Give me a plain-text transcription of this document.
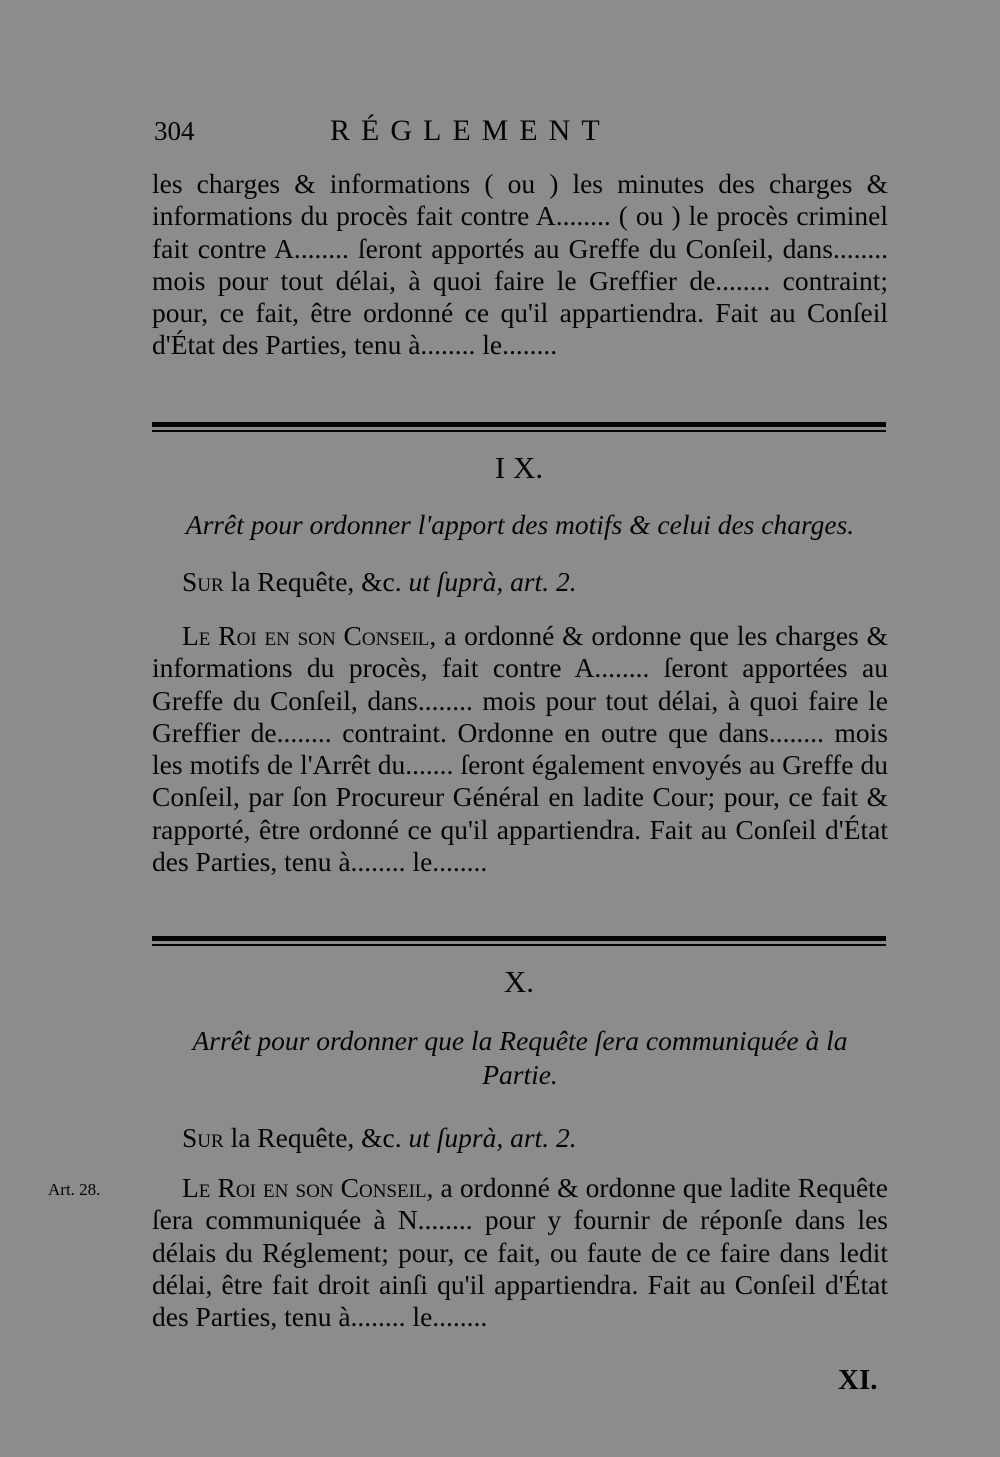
304	RÉGLEMENT

les charges & informations ( ou ) les minutes des charges & informations du procès fait contre A........ ( ou ) le procès criminel fait contre A........ ſeront apportés au Greffe du Conſeil, dans........ mois pour tout délai, à quoi faire le Greffier de........ contraint; pour, ce fait, être ordonné ce qu'il appartiendra. Fait au Conſeil d'État des Parties, tenu à........ le........

I X.
Arrêt pour ordonner l'apport des motifs & celui des charges.

Sur la Requête, &c. ut ſuprà, art. 2.

Le Roi en son Conseil, a ordonné & ordonne que les charges & informations du procès, fait contre A........ ſeront apportées au Greffe du Conſeil, dans........ mois pour tout délai, à quoi faire le Greffier de........ contraint. Ordonne en outre que dans........ mois les motifs de l'Arrêt du....... ſeront également envoyés au Greffe du Conſeil, par ſon Procureur Général en ladite Cour; pour, ce fait & rapporté, être ordonné ce qu'il appartiendra. Fait au Conſeil d'État des Parties, tenu à........ le........

X.
Arrêt pour ordonner que la Requête ſera communiquée à la
Partie.

Sur la Requête, &c. ut ſuprà, art. 2.

Art. 28.	Le Roi en son Conseil, a ordonné & ordonne que ladite Requête ſera communiquée à N........ pour y fournir de réponſe dans les délais du Réglement; pour, ce fait, ou faute de ce faire dans ledit délai, être fait droit ainſi qu'il appartiendra. Fait au Conſeil d'État des Parties, tenu à........ le........

XI.
